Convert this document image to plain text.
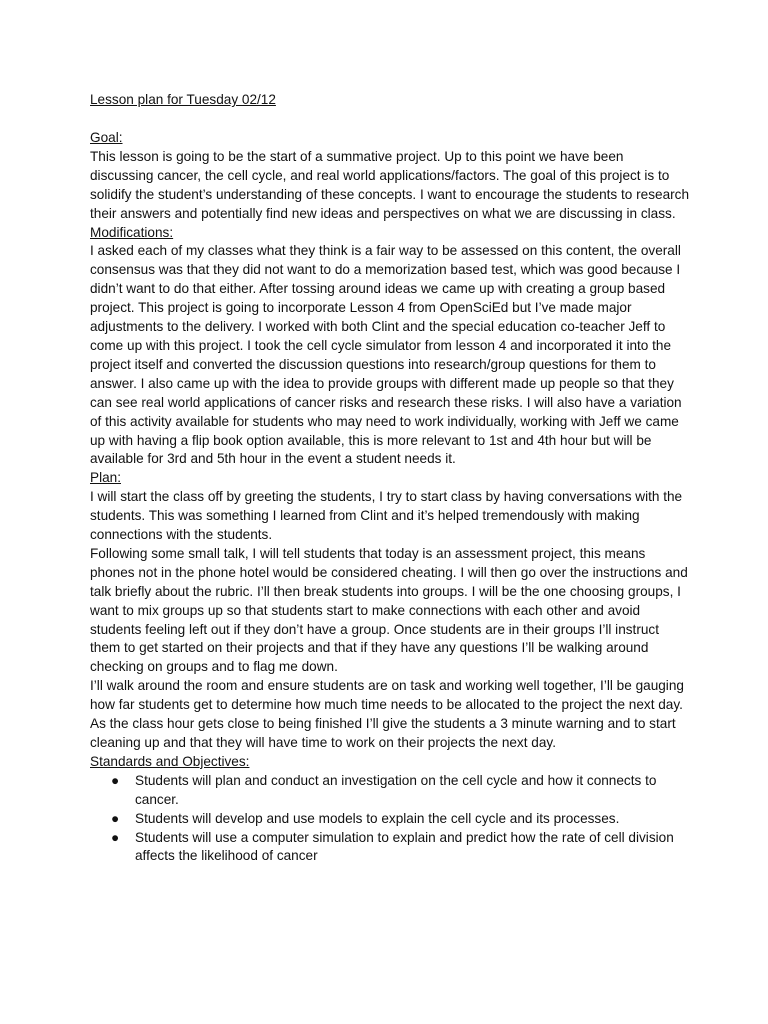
Lesson plan for Tuesday 02/12
Goal:

This lesson is going to be the start of a summative project. Up to this point we have been discussing cancer, the cell cycle, and real world applications/factors. The goal of this project is to solidify the student’s understanding of these concepts. I want to encourage the students to research their answers and potentially find new ideas and perspectives on what we are discussing in class.

Modifications:

I asked each of my classes what they think is a fair way to be assessed on this content, the overall consensus was that they did not want to do a memorization based test, which was good because I didn’t want to do that either. After tossing around ideas we came up with creating a group based project. This project is going to incorporate Lesson 4 from OpenSciEd but I’ve made major adjustments to the delivery. I worked with both Clint and the special education co-teacher Jeff to come up with this project. I took the cell cycle simulator from lesson 4 and incorporated it into the project itself and converted the discussion questions into research/group questions for them to answer. I also came up with the idea to provide groups with different made up people so that they can see real world applications of cancer risks and research these risks. I will also have a variation of this activity available for students who may need to work individually, working with Jeff we came up with having a flip book option available, this is more relevant to 1st and 4th hour but will be available for 3rd and 5th hour in the event a student needs it.

Plan:

I will start the class off by greeting the students, I try to start class by having conversations with the students. This was something I learned from Clint and it’s helped tremendously with making connections with the students.

Following some small talk, I will tell students that today is an assessment project, this means phones not in the phone hotel would be considered cheating. I will then go over the instructions and talk briefly about the rubric. I’ll then break students into groups. I will be the one choosing groups, I want to mix groups up so that students start to make connections with each other and avoid students feeling left out if they don’t have a group. Once students are in their groups I’ll instruct them to get started on their projects and that if they have any questions I’ll be walking around checking on groups and to flag me down.

I’ll walk around the room and ensure students are on task and working well together, I’ll be gauging how far students get to determine how much time needs to be allocated to the project the next day. As the class hour gets close to being finished I’ll give the students a 3 minute warning and to start cleaning up and that they will have time to work on their projects the next day.

Standards and Objectives:
● Students will plan and conduct an investigation on the cell cycle and how it connects to cancer.
● Students will develop and use models to explain the cell cycle and its processes.
● Students will use a computer simulation to explain and predict how the rate of cell division affects the likelihood of cancer
